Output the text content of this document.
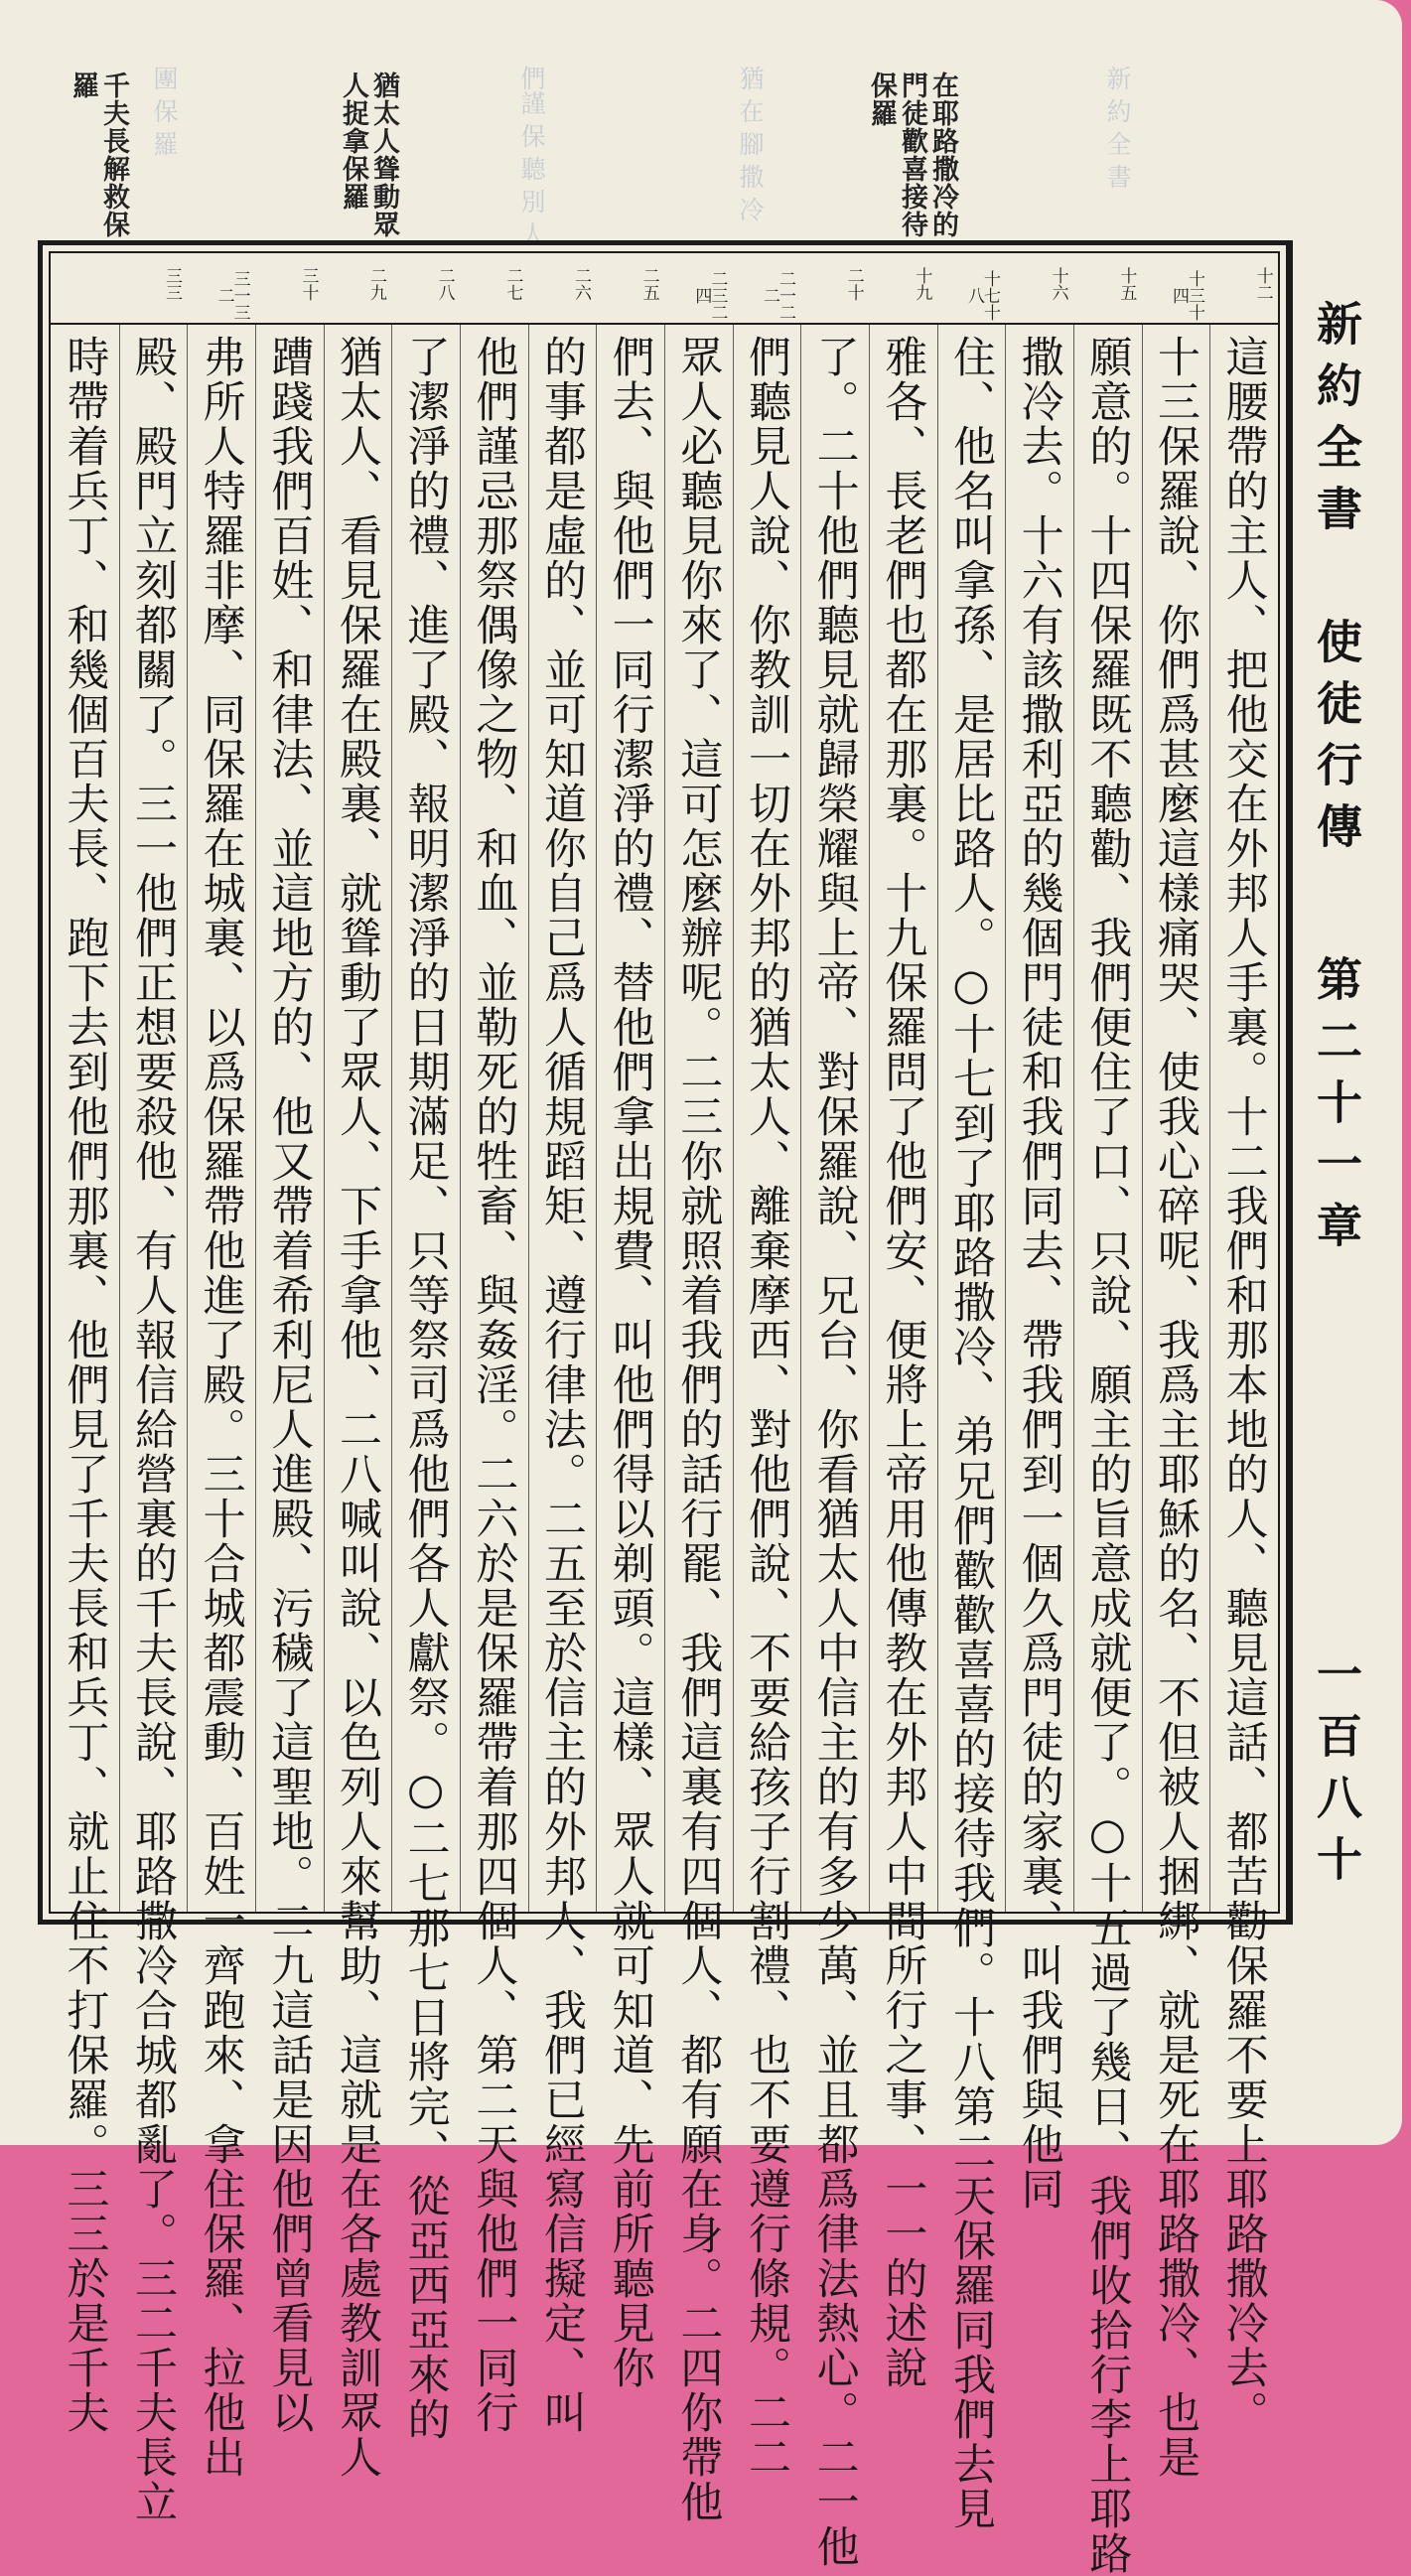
們謹 保 聽 別 人	猶 在 腳 撒 冷	新 約 全 書
團 保 羅	在耶路撒冷的門徒歡喜接待保羅
猶太人聳動眾人捉拿保羅
千夫長解救保羅
十二
十三十四
十五
十六
十七十八
十九
二十
二一二二
二三二四
二五
二六
二七
二八
二九
三十
三一三二
三三
這腰帶的主人、把他交在外邦人手裏。十二我們和那本地的人、聽見這話、都苦勸保羅不要上耶路撒冷去。
十三保羅說、你們爲甚麼這樣痛哭、使我心碎呢、我爲主耶穌的名、不但被人捆綁、就是死在耶路撒冷、也是
願意的。十四保羅既不聽勸、我們便住了口、只說、願主的旨意成就便了。○十五過了幾日、我們收拾行李上耶路
撒冷去。十六有該撒利亞的幾個門徒和我們同去、帶我們到一個久爲門徒的家裏、叫我們與他同
住、他名叫拿孫、是居比路人。○十七到了耶路撒冷、弟兄們歡歡喜喜的接待我們。十八第二天保羅同我們去見
雅各、長老們也都在那裏。十九保羅問了他們安、便將上帝用他傳教在外邦人中間所行之事、一一的述說
了。二十他們聽見就歸榮耀與上帝、對保羅說、兄台、你看猶太人中信主的有多少萬、並且都爲律法熱心。二一他
們聽見人說、你教訓一切在外邦的猶太人、離棄摩西、對他們說、不要給孩子行割禮、也不要遵行條規。二二
眾人必聽見你來了、這可怎麼辦呢。二三你就照着我們的話行罷、我們這裏有四個人、都有願在身。二四你帶他
們去、與他們一同行潔淨的禮、替他們拿出規費、叫他們得以剃頭。這樣、眾人就可知道、先前所聽見你
的事都是虛的、並可知道你自己爲人循規蹈矩、遵行律法。二五至於信主的外邦人、我們已經寫信擬定、叫
他們謹忌那祭偶像之物、和血、並勒死的牲畜、與姦淫。二六於是保羅帶着那四個人、第二天與他們一同行
了潔淨的禮、進了殿、報明潔淨的日期滿足、只等祭司爲他們各人獻祭。○二七那七日將完、從亞西亞來的
猶太人、看見保羅在殿裏、就聳動了眾人、下手拿他、二八喊叫說、以色列人來幫助、這就是在各處教訓眾人
蹧踐我們百姓、和律法、並這地方的、他又帶着希利尼人進殿、污穢了這聖地。二九這話是因他們曾看見以
弗所人特羅非摩、同保羅在城裏、以爲保羅帶他進了殿。三十合城都震動、百姓一齊跑來、拿住保羅、拉他出
殿、殿門立刻都關了。三一他們正想要殺他、有人報信給營裏的千夫長說、耶路撒冷合城都亂了。三二千夫長立
時帶着兵丁、和幾個百夫長、跑下去到他們那裏、他們見了千夫長和兵丁、就止住不打保羅。三三於是千夫	新約全書
使徒行傳
第二十一章
一百八十
